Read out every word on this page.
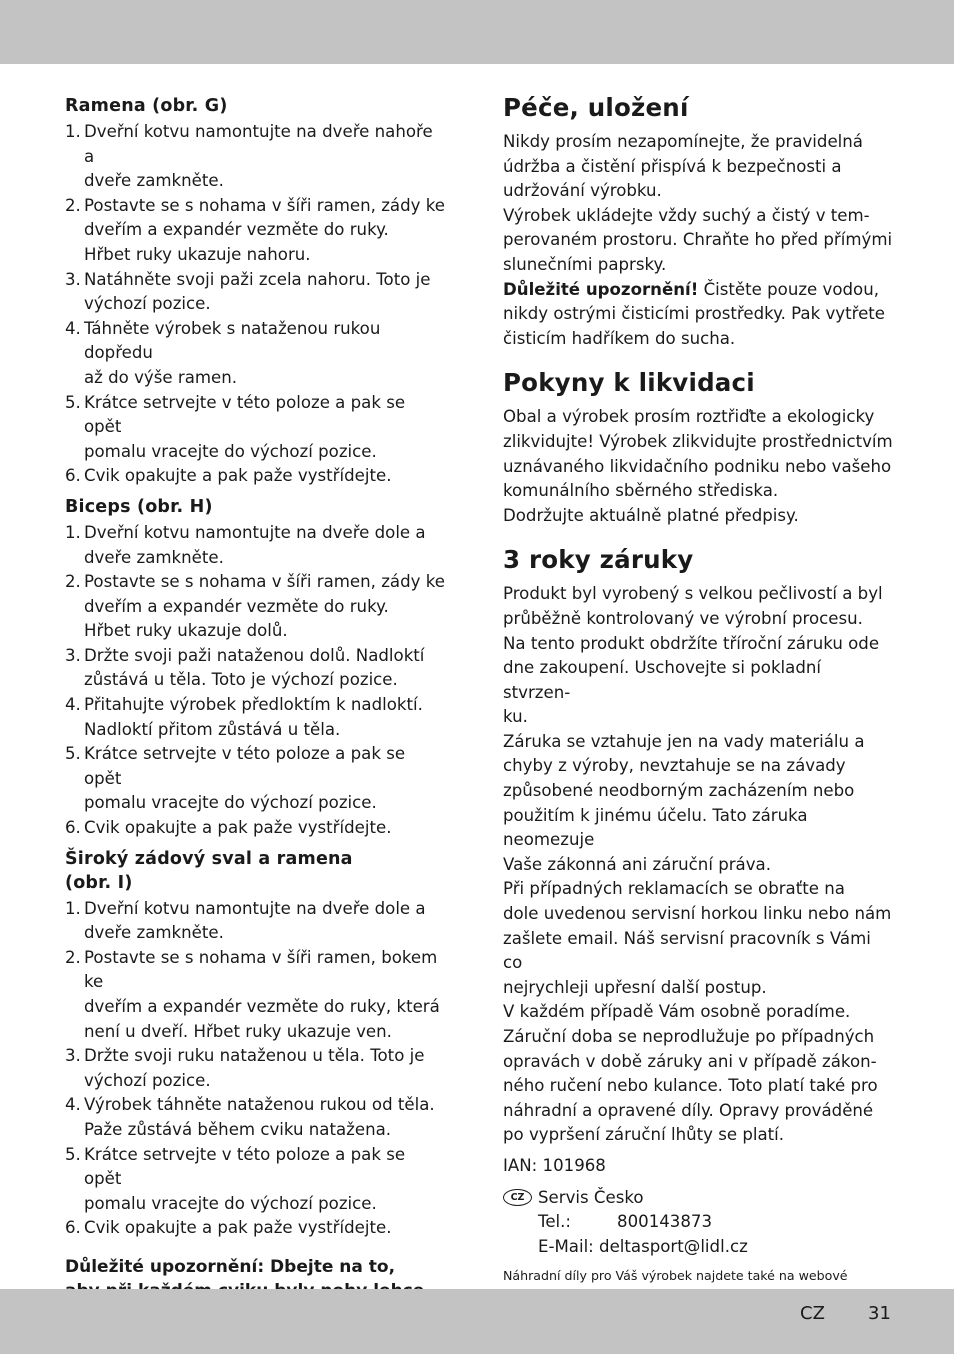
Ramena (obr. G)
1. Dveřní kotvu namontujte na dveře nahoře a
dveře zamkněte.
2. Postavte se s nohama v šíři ramen, zády ke
dveřím a expandér vezměte do ruky.
Hřbet ruky ukazuje nahoru.
3. Natáhněte svoji paži zcela nahoru. Toto je
výchozí pozice.
4. Táhněte výrobek s nataženou rukou dopředu
až do výše ramen.
5. Krátce setrvejte v této poloze a pak se opět
pomalu vracejte do výchozí pozice.
6. Cvik opakujte a pak paže vystřídejte.
Biceps (obr. H)
1. Dveřní kotvu namontujte na dveře dole a
dveře zamkněte.
2. Postavte se s nohama v šíři ramen, zády ke
dveřím a expandér vezměte do ruky.
Hřbet ruky ukazuje dolů.
3. Držte svoji paži nataženou dolů. Nadloktí
zůstává u těla. Toto je výchozí pozice.
4. Přitahujte výrobek předloktím k nadloktí.
Nadloktí přitom zůstává u těla.
5. Krátce setrvejte v této poloze a pak se opět
pomalu vracejte do výchozí pozice.
6. Cvik opakujte a pak paže vystřídejte.
Široký zádový sval a ramena
(obr. I)
1. Dveřní kotvu namontujte na dveře dole a
dveře zamkněte.
2. Postavte se s nohama v šíři ramen, bokem ke
dveřím a expandér vezměte do ruky, která
není u dveří. Hřbet ruky ukazuje ven.
3. Držte svoji ruku nataženou u těla. Toto je
výchozí pozice.
4. Výrobek táhněte nataženou rukou od těla.
Paže zůstává během cviku natažena.
5. Krátce setrvejte v této poloze a pak se opět
pomalu vracejte do výchozí pozice.
6. Cvik opakujte a pak paže vystřídejte.

Důležité upozornění: Dbejte na to,

Péče, uložení

Nikdy prosím nezapomínejte, že pravidelná
údržba a čistění přispívá k bezpečnosti a
udržování výrobku.
Výrobek ukládejte vždy suchý a čistý v tem-
perovaném prostoru. Chraňte ho před přímými
slunečními paprsky.
Důležité upozornění! Čistěte pouze vodou,
nikdy ostrými čisticími prostředky. Pak vytřete
čisticím hadříkem do sucha.

Pokyny k likvidaci

Obal a výrobek prosím roztřiďte a ekologicky
zlikvidujte! Výrobek zlikvidujte prostřednictvím
uznávaného likvidačního podniku nebo vašeho
komunálního sběrného střediska.
Dodržujte aktuálně platné předpisy.

3 roky záruky

Produkt byl vyrobený s velkou pečlivostí a byl
průběžně kontrolovaný ve výrobní procesu.
Na tento produkt obdržíte tříroční záruku ode
dne zakoupení. Uschovejte si pokladní stvrzen-
ku.
Záruka se vztahuje jen na vady materiálu a
chyby z výroby, nevztahuje se na závady
způsobené neodborným zacházením nebo
použitím k jinému účelu. Tato záruka neomezuje
Vaše zákonná ani záruční práva.
Při případných reklamacích se obraťte na
dole uvedenou servisní horkou linku nebo nám
zašlete email. Náš servisní pracovník s Vámi co
nejrychleji upřesní další postup.
V každém případě Vám osobně poradíme.
Záruční doba se neprodlužuje po případných
opravách v době záruky ani v případě zákon-
ného ručení nebo kulance. Toto platí také pro
náhradní a opravené díly. Opravy prováděné
po vypršení záruční lhůty se platí.

IAN: 101968

CZ Servis Česko
Tel.:	800143873
E-Mail: deltasport@lidl.cz

Náhradní díly pro Váš výrobek najdete také na webové

CZ 31
